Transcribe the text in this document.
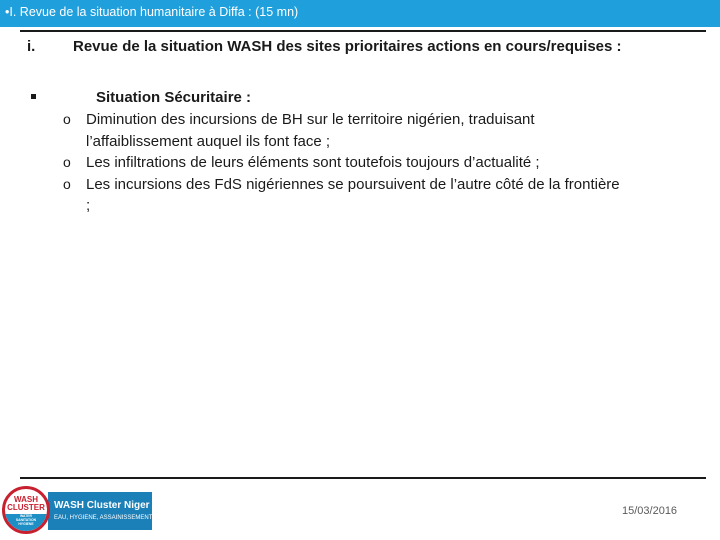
•I. Revue de la situation humanitaire à Diffa : (15 mn)
i.	Revue de la situation WASH des sites prioritaires actions en cours/requises :
Situation Sécuritaire :
o Diminution des incursions de BH sur le territoire nigérien, traduisant l’affaiblissement auquel ils font face ;
o Les infiltrations de leurs éléments sont toutefois toujours d’actualité ;
o Les incursions des FdS nigériennes se poursuivent de l’autre côté de la frontière ;
WASH Cluster Niger
EAU, HYGIENE, ASSAINISSEMENT
WASH
CLUSTER
WATER
SANITATION
HYGIENE
15/03/2016
